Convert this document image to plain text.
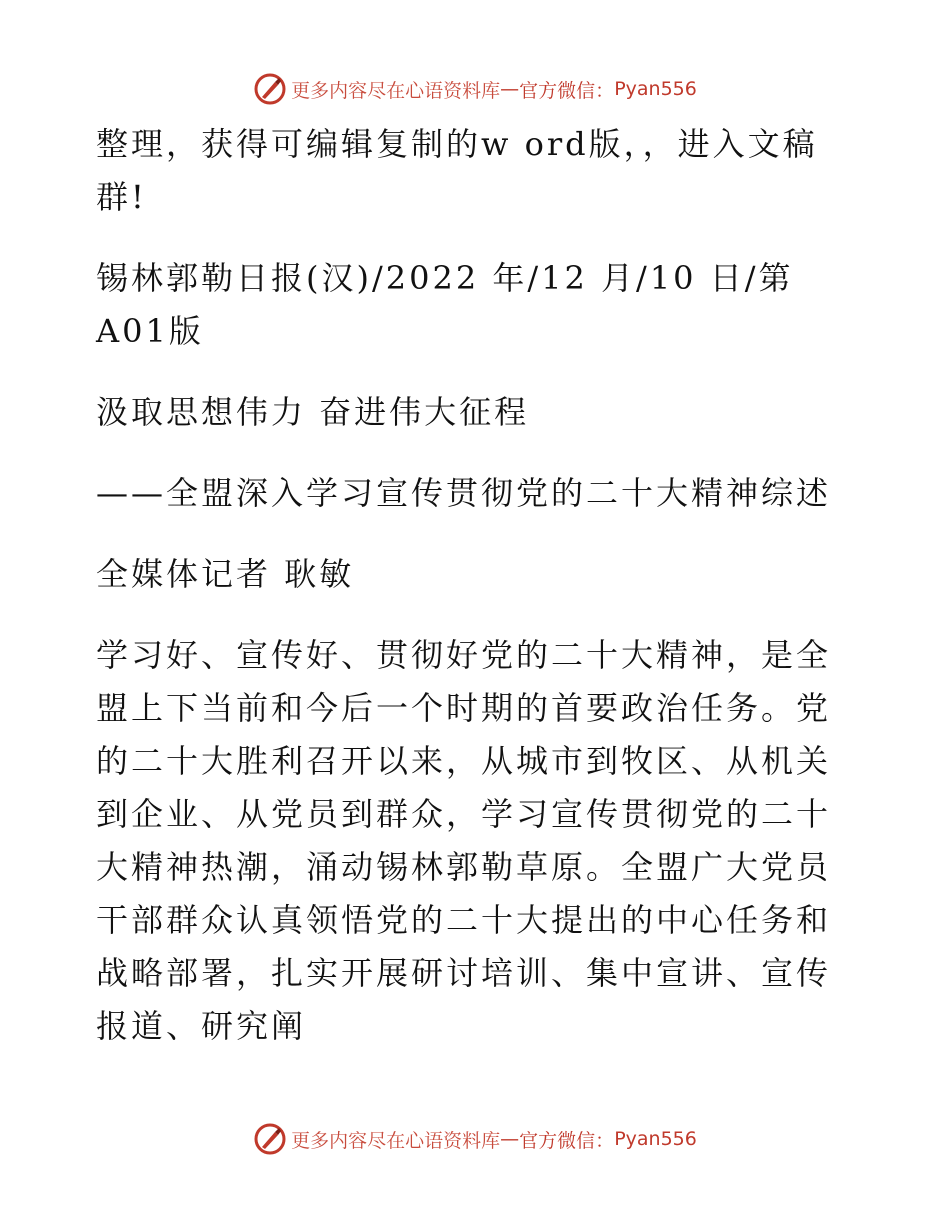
更多内容尽在心语资料库 — 官方微信： Pyan556

整理，获得可编辑复制的w ord版，，进入文稿群!

锡林郭勒日报(汉)/2022 年/12 月/10 日/第 A01版

汲取思想伟力 奋进伟大征程

——全盟深入学习宣传贯彻党的二十大精神综述

全媒体记者 耿敏

学习好、宣传好、贯彻好党的二十大精神，是全盟上下当前和今后一个时期的首要政治任务。党的二十大胜利召开以来，从城市到牧区、从机关到企业、从党员到群众，学习宣传贯彻党的二十大精神热潮，涌动锡林郭勒草原。全盟广大党员干部群众认真领悟党的二十大提出的中心任务和战略部署，扎实开展研讨培训、集中宣讲、宣传报道、研究阐

更多内容尽在心语资料库 — 官方微信： Pyan556
